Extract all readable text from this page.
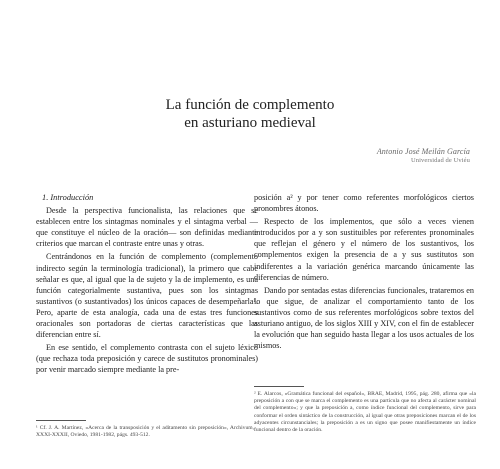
La función de complemento
en asturiano medieval
Antonio José Meilán García
Universidad de Uviéu
1. Introducción

Desde la perspectiva funcionalista, las relaciones que se establecen entre los sintagmas nominales y el sintagma verbal —que constituye el núcleo de la oración— son definidas mediante criterios que marcan el contraste entre unas y otras.

Centrándonos en la función de complemento (complemento indirecto según la terminología tradicional), la primero que cabe señalar es que, al igual que la de sujeto y la de implemento, es una función categorialmente sustantiva, pues son los sintagmas sustantivos (o sustantivados) los únicos capaces de desempeñarla¹. Pero, aparte de esta analogía, cada una de estas tres funciones oracionales son portadoras de ciertas características que las diferencian entre sí.

En ese sentido, el complemento contrasta con el sujeto léxico (que rechaza toda preposición y carece de sustitutos pronominales) por venir marcado siempre mediante la pre-

posición a² y por tener como referentes morfológicos ciertos pronombres átonos.

Respecto de los implementos, que sólo a veces vienen introducidos por a y son sustituibles por referentes pronominales que reflejan el género y el número de los sustantivos, los complementos exigen la presencia de a y sus sustitutos son indiferentes a la variación genérica marcando únicamente las diferencias de número.

Dando por sentadas estas diferencias funcionales, trataremos en lo que sigue, de analizar el comportamiento tanto de los sustantivos como de sus referentes morfológicos sobre textos del asturiano antiguo, de los siglos XIII y XIV, con el fin de establecer la evolución que han seguido hasta llegar a los usos actuales de los mismos.

² E. Alarcos, «Gramática funcional del español», BRAE, Madrid, 1995, pág. 280, afirma que «la preposición a con que se marca el complemento es una partícula que no afecta al carácter nominal del complemento»; y que la preposición a, como índice funcional del complemento, sirve para conformar el orden sintáctico de la construcción, al igual que otras preposiciones marcan el de los adyacentes circunstanciales; la preposición a es un signo que posee manifiestamente un índice funcional dentro de la oración.
¹ Cf. J. A. Martínez, «Acerca de la transposición y el aditamento sin preposición», Archivum, XXXI-XXXII, Oviedo, 1981-1982, págs. 493-512.
